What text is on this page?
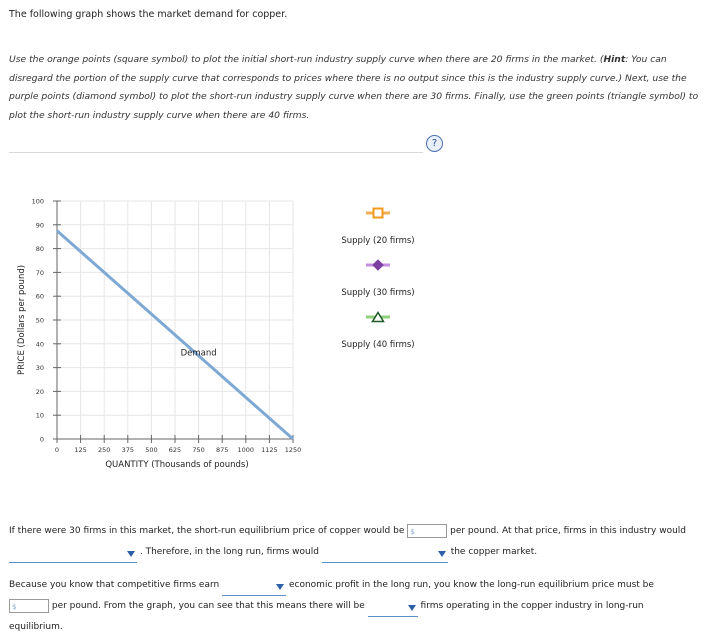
The following graph shows the market demand for copper.
Use the orange points (square symbol) to plot the initial short-run industry supply curve when there are 20 firms in the market. (Hint: You can disregard the portion of the supply curve that corresponds to prices where there is no output since this is the industry supply curve.) Next, use the purple points (diamond symbol) to plot the short-run industry supply curve when there are 30 firms. Finally, use the green points (triangle symbol) to plot the short-run industry supply curve when there are 40 firms.
?
0
10
20
30
40
50
60
70
80
90
100
0 125 250 375 500 625 750 875 1000 1125 1250
Demand
PRICE (Dollars per pound)
QUANTITY (Thousands of pounds)
Supply (20 firms)
Supply (30 firms)
Supply (40 firms)
If there were 30 firms in this market, the short-run equilibrium price of copper would be $	per pound. At that price, firms in this industry would

. Therefore, in the long run, firms would	the copper market.
Because you know that competitive firms earn	economic profit in the long run, you know the long-run equilibrium price must be
$	per pound. From the graph, you can see that this means there will be	firms operating in the copper industry in long-run
equilibrium.
